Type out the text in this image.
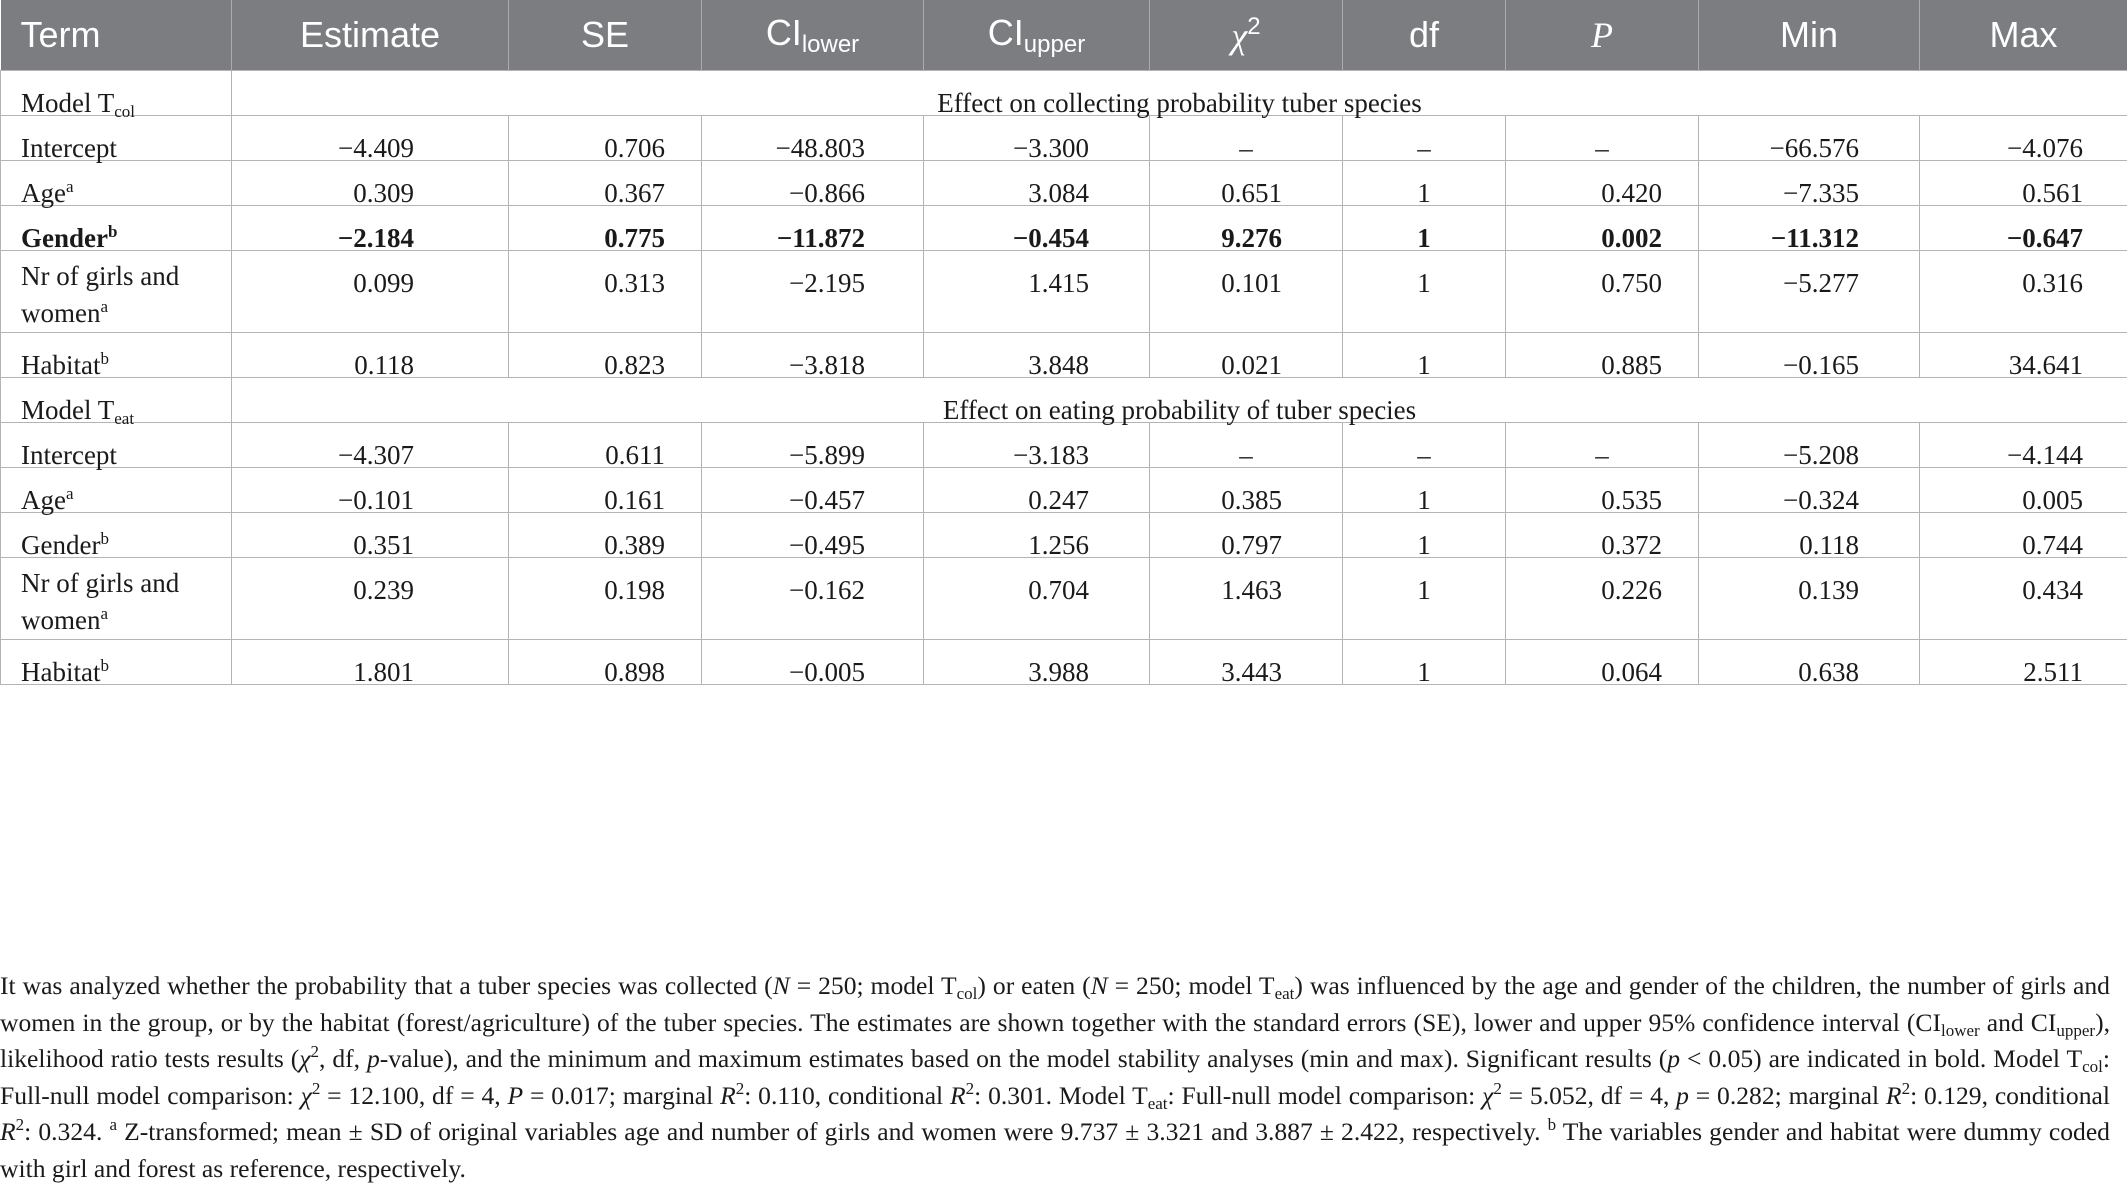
Term	Estimate	SE	$CI_{lower}$	$CI_{upper}$	$\chi^2$	df	P	Min	Max
Model Tcol	Effect on collecting probability tuber species								
Intercept	−4.409	0.706	−48.803	−3.300	–	–	–	−66.576	−4.076
Age$^a$	0.309	0.367	−0.866	3.084	0.651	1	0.420	−7.335	0.561
Gender$^b$	−2.184	0.775	−11.872	−0.454	9.276	1	0.002	−11.312	−0.647
Nr of girls and
women$^a$	0.099	0.313	−2.195	1.415	0.101	1	0.750	−5.277	0.316
Habitat$^b$	0.118	0.823	−3.818	3.848	0.021	1	0.885	−0.165	34.641
Model Teat	Effect on eating probability of tuber species								
Intercept	−4.307	0.611	−5.899	−3.183	–	–	–	−5.208	−4.144
Age$^a$	−0.101	0.161	−0.457	0.247	0.385	1	0.535	−0.324	0.005
Gender$^b$	0.351	0.389	−0.495	1.256	0.797	1	0.372	0.118	0.744
Nr of girls and
women$^a$	0.239	0.198	−0.162	0.704	1.463	1	0.226	0.139	0.434
Habitat$^b$	1.801	0.898	−0.005	3.988	3.443	1	0.064	0.638	2.511

It was analyzed whether the probability that a tuber species was collected (N = 250; model Tcol) or eaten (N = 250; model Teat) was influenced by the age and gender of the children, the number of girls and women in the group, or by the habitat (forest/agriculture) of the tuber species. The estimates are shown together with the standard errors (SE), lower and upper 95% confidence interval (CIlower and CIupper), likelihood ratio tests results ($\chi^2$, df, p-value), and the minimum and maximum estimates based on the model stability analyses (min and max). Significant results (p < 0.05) are indicated in bold. Model Tcol: Full-null model comparison: $\chi^2 = 12.100$, df = 4, P = 0.017; marginal $R^2$: 0.110, conditional $R^2$: 0.301. Model Teat: Full-null model comparison: $\chi^2 = 5.052$, df = 4, p = 0.282; marginal $R^2$: 0.129, conditional $R^2$: 0.324. $^a$ Z-transformed; mean ± SD of original variables age and number of girls and women were 9.737 ± 3.321 and 3.887 ± 2.422, respectively. $^b$ The variables gender and habitat were dummy coded with girl and forest as reference, respectively.
